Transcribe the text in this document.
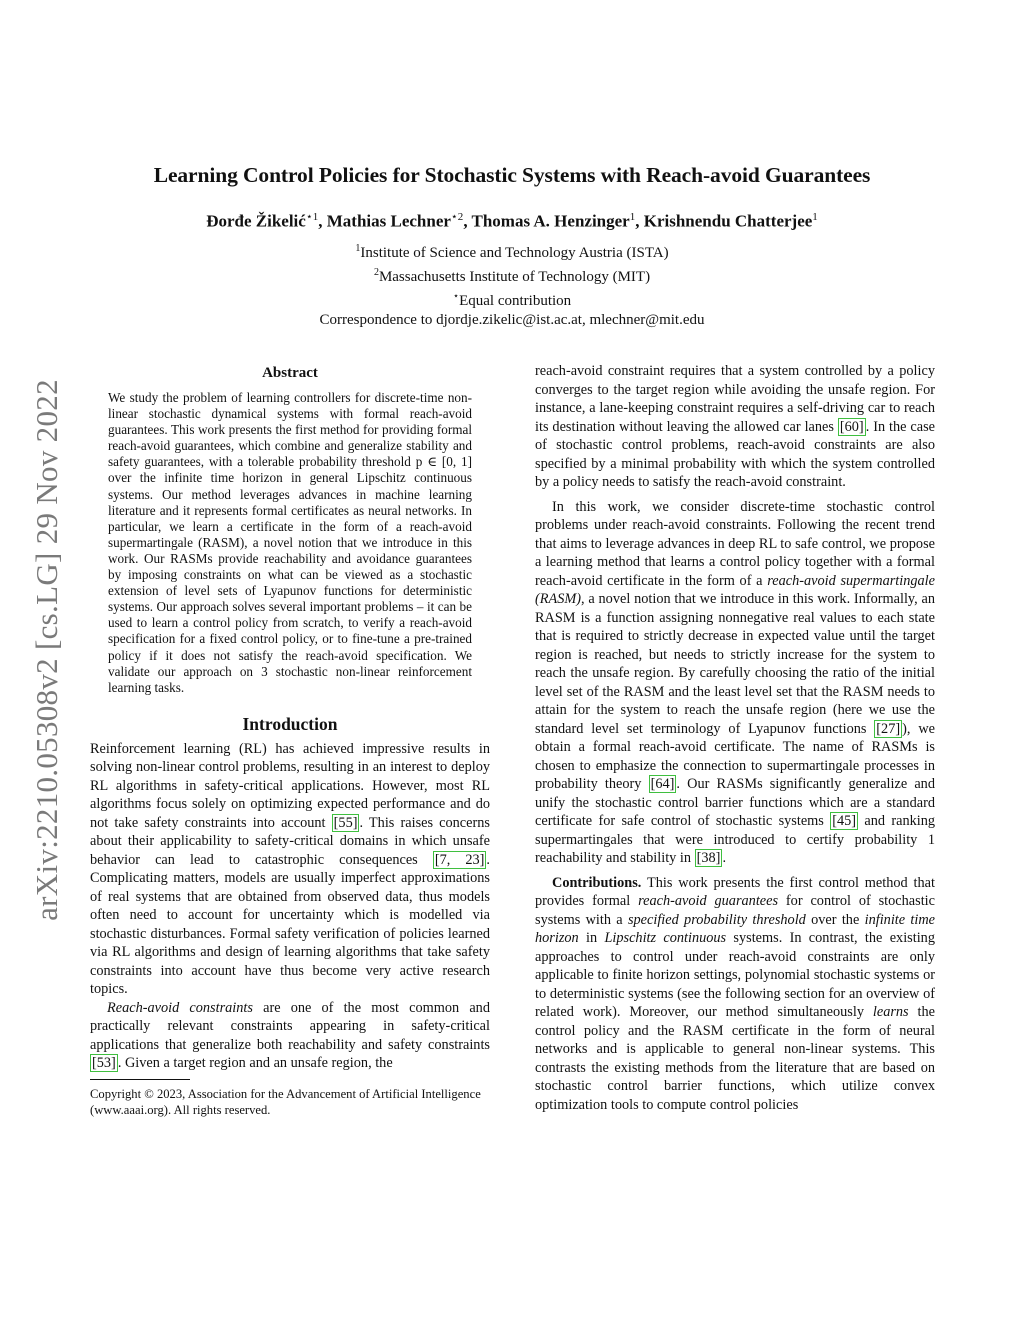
arXiv:2210.05308v2 [cs.LG] 29 Nov 2022
Learning Control Policies for Stochastic Systems with Reach-avoid Guarantees
Đorđe Žikelić$^{⋆1}$, Mathias Lechner$^{⋆2}$, Thomas A. Henzinger$^1$, Krishnendu Chatterjee$^1$
$^1$Institute of Science and Technology Austria (ISTA)
$^2$Massachusetts Institute of Technology (MIT)
⋆Equal contribution
Correspondence to djordje.zikelic@ist.ac.at, mlechner@mit.edu
Abstract

We study the problem of learning controllers for discrete-time non-linear stochastic dynamical systems with formal reach-avoid guarantees. This work presents the first method for providing formal reach-avoid guarantees, which combine and generalize stability and safety guarantees, with a tolerable probability threshold p ∈ [0, 1] over the infinite time horizon in general Lipschitz continuous systems. Our method leverages advances in machine learning literature and it represents formal certificates as neural networks. In particular, we learn a certificate in the form of a reach-avoid supermartingale (RASM), a novel notion that we introduce in this work. Our RASMs provide reachability and avoidance guarantees by imposing constraints on what can be viewed as a stochastic extension of level sets of Lyapunov functions for deterministic systems. Our approach solves several important problems – it can be used to learn a control policy from scratch, to verify a reach-avoid specification for a fixed control policy, or to fine-tune a pre-trained policy if it does not satisfy the reach-avoid specification. We validate our approach on 3 stochastic non-linear reinforcement learning tasks.

Introduction

Reinforcement learning (RL) has achieved impressive results in solving non-linear control problems, resulting in an interest to deploy RL algorithms in safety-critical applications. However, most RL algorithms focus solely on optimizing expected performance and do not take safety constraints into account [55] . This raises concerns about their applicability to safety-critical domains in which unsafe behavior can lead to catastrophic consequences [7, 23] . Complicating matters, models are usually imperfect approximations of real systems that are obtained from observed data, thus models often need to account for uncertainty which is modelled via stochastic disturbances. Formal safety verification of policies learned via RL algorithms and design of learning algorithms that take safety constraints into account have thus become very active research topics.

Reach-avoid constraints are one of the most common and practically relevant constraints appearing in safety-critical applications that generalize both reachability and safety constraints [53] . Given a target region and an unsafe region, the

Copyright © 2023, Association for the Advancement of Artificial Intelligence (www.aaai.org). All rights reserved.

reach-avoid constraint requires that a system controlled by a policy converges to the target region while avoiding the unsafe region. For instance, a lane-keeping constraint requires a self-driving car to reach its destination without leaving the allowed car lanes [60] . In the case of stochastic control problems, reach-avoid constraints are also specified by a minimal probability with which the system controlled by a policy needs to satisfy the reach-avoid constraint.

In this work, we consider discrete-time stochastic control problems under reach-avoid constraints. Following the recent trend that aims to leverage advances in deep RL to safe control, we propose a learning method that learns a control policy together with a formal reach-avoid certificate in the form of a reach-avoid supermartingale (RASM), a novel notion that we introduce in this work. Informally, an RASM is a function assigning nonnegative real values to each state that is required to strictly decrease in expected value until the target region is reached, but needs to strictly increase for the system to reach the unsafe region. By carefully choosing the ratio of the initial level set of the RASM and the least level set that the RASM needs to attain for the system to reach the unsafe region (here we use the standard level set terminology of Lyapunov functions [27] ), we obtain a formal reach-avoid certificate. The name of RASMs is chosen to emphasize the connection to supermartingale processes in probability theory [64] . Our RASMs significantly generalize and unify the stochastic control barrier functions which are a standard certificate for safe control of stochastic systems [45] and ranking supermartingales that were introduced to certify probability 1 reachability and stability in [38] .

Contributions. This work presents the first control method that provides formal reach-avoid guarantees for control of stochastic systems with a specified probability threshold over the infinite time horizon in Lipschitz continuous systems. In contrast, the existing approaches to control under reach-avoid constraints are only applicable to finite horizon settings, polynomial stochastic systems or to deterministic systems (see the following section for an overview of related work). Moreover, our method simultaneously learns the control policy and the RASM certificate in the form of neural networks and is applicable to general non-linear systems. This contrasts the existing methods from the literature that are based on stochastic control barrier functions, which utilize convex optimization tools to compute control policies
